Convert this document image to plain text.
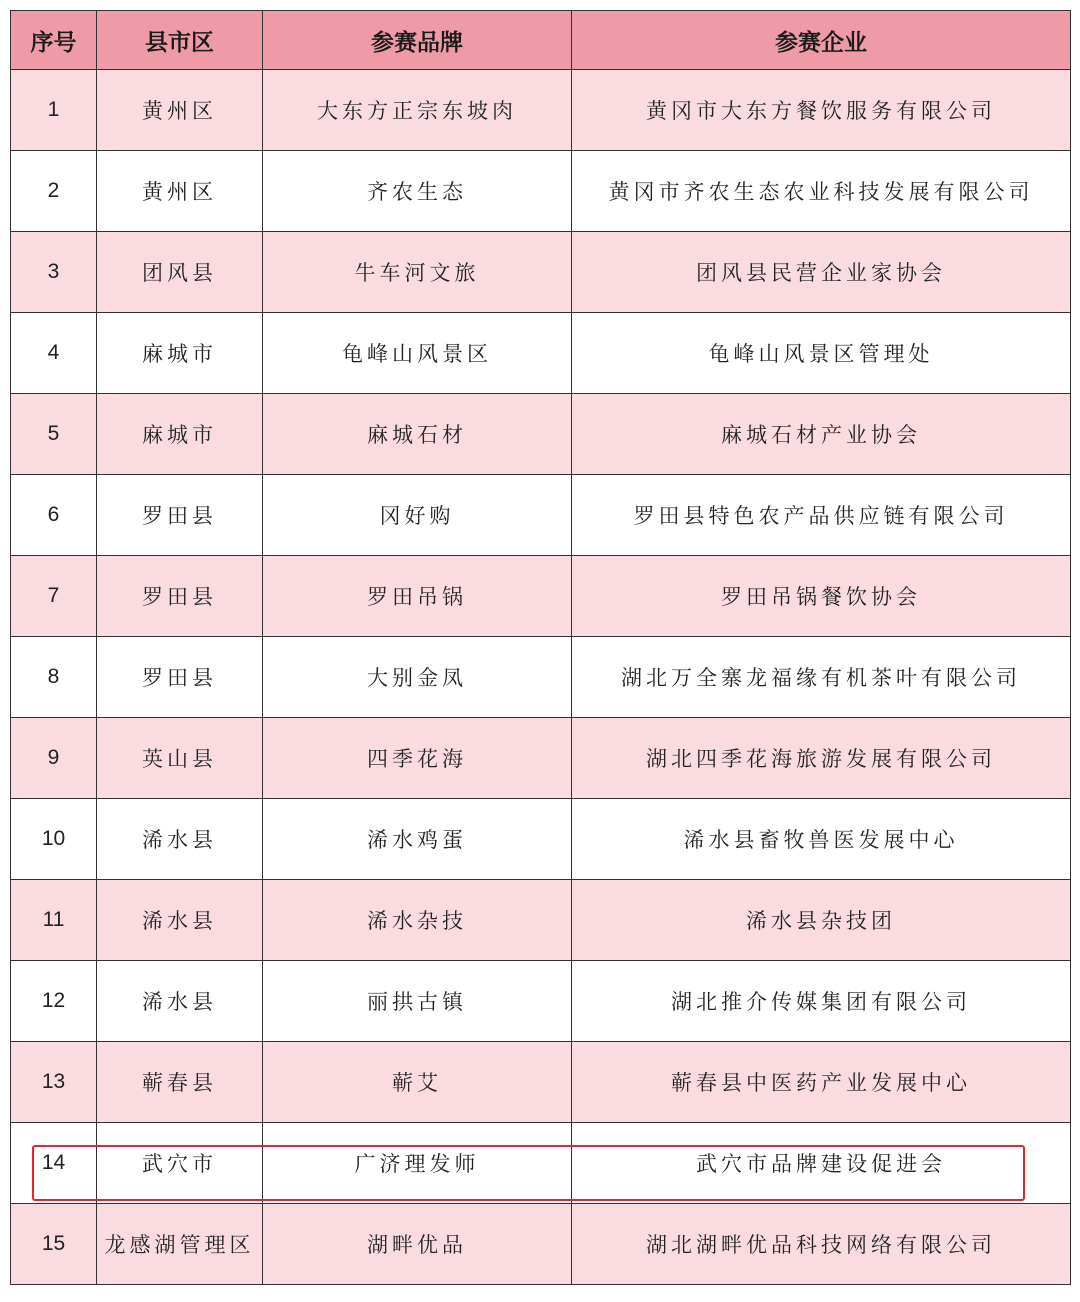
序号	县市区	参赛品牌	参赛企业
1	黄州区	大东方正宗东坡肉	黄冈市大东方餐饮服务有限公司
2	黄州区	齐农生态	黄冈市齐农生态农业科技发展有限公司
3	团风县	牛车河文旅	团风县民营企业家协会
4	麻城市	龟峰山风景区	龟峰山风景区管理处
5	麻城市	麻城石材	麻城石材产业协会
6	罗田县	冈好购	罗田县特色农产品供应链有限公司
7	罗田县	罗田吊锅	罗田吊锅餐饮协会
8	罗田县	大别金凤	湖北万全寨龙福缘有机茶叶有限公司
9	英山县	四季花海	湖北四季花海旅游发展有限公司
10	浠水县	浠水鸡蛋	浠水县畜牧兽医发展中心
11	浠水县	浠水杂技	浠水县杂技团
12	浠水县	丽拱古镇	湖北推介传媒集团有限公司
13	蕲春县	蕲艾	蕲春县中医药产业发展中心
14	武穴市	广济理发师	武穴市品牌建设促进会
15	龙感湖管理区	湖畔优品	湖北湖畔优品科技网络有限公司
